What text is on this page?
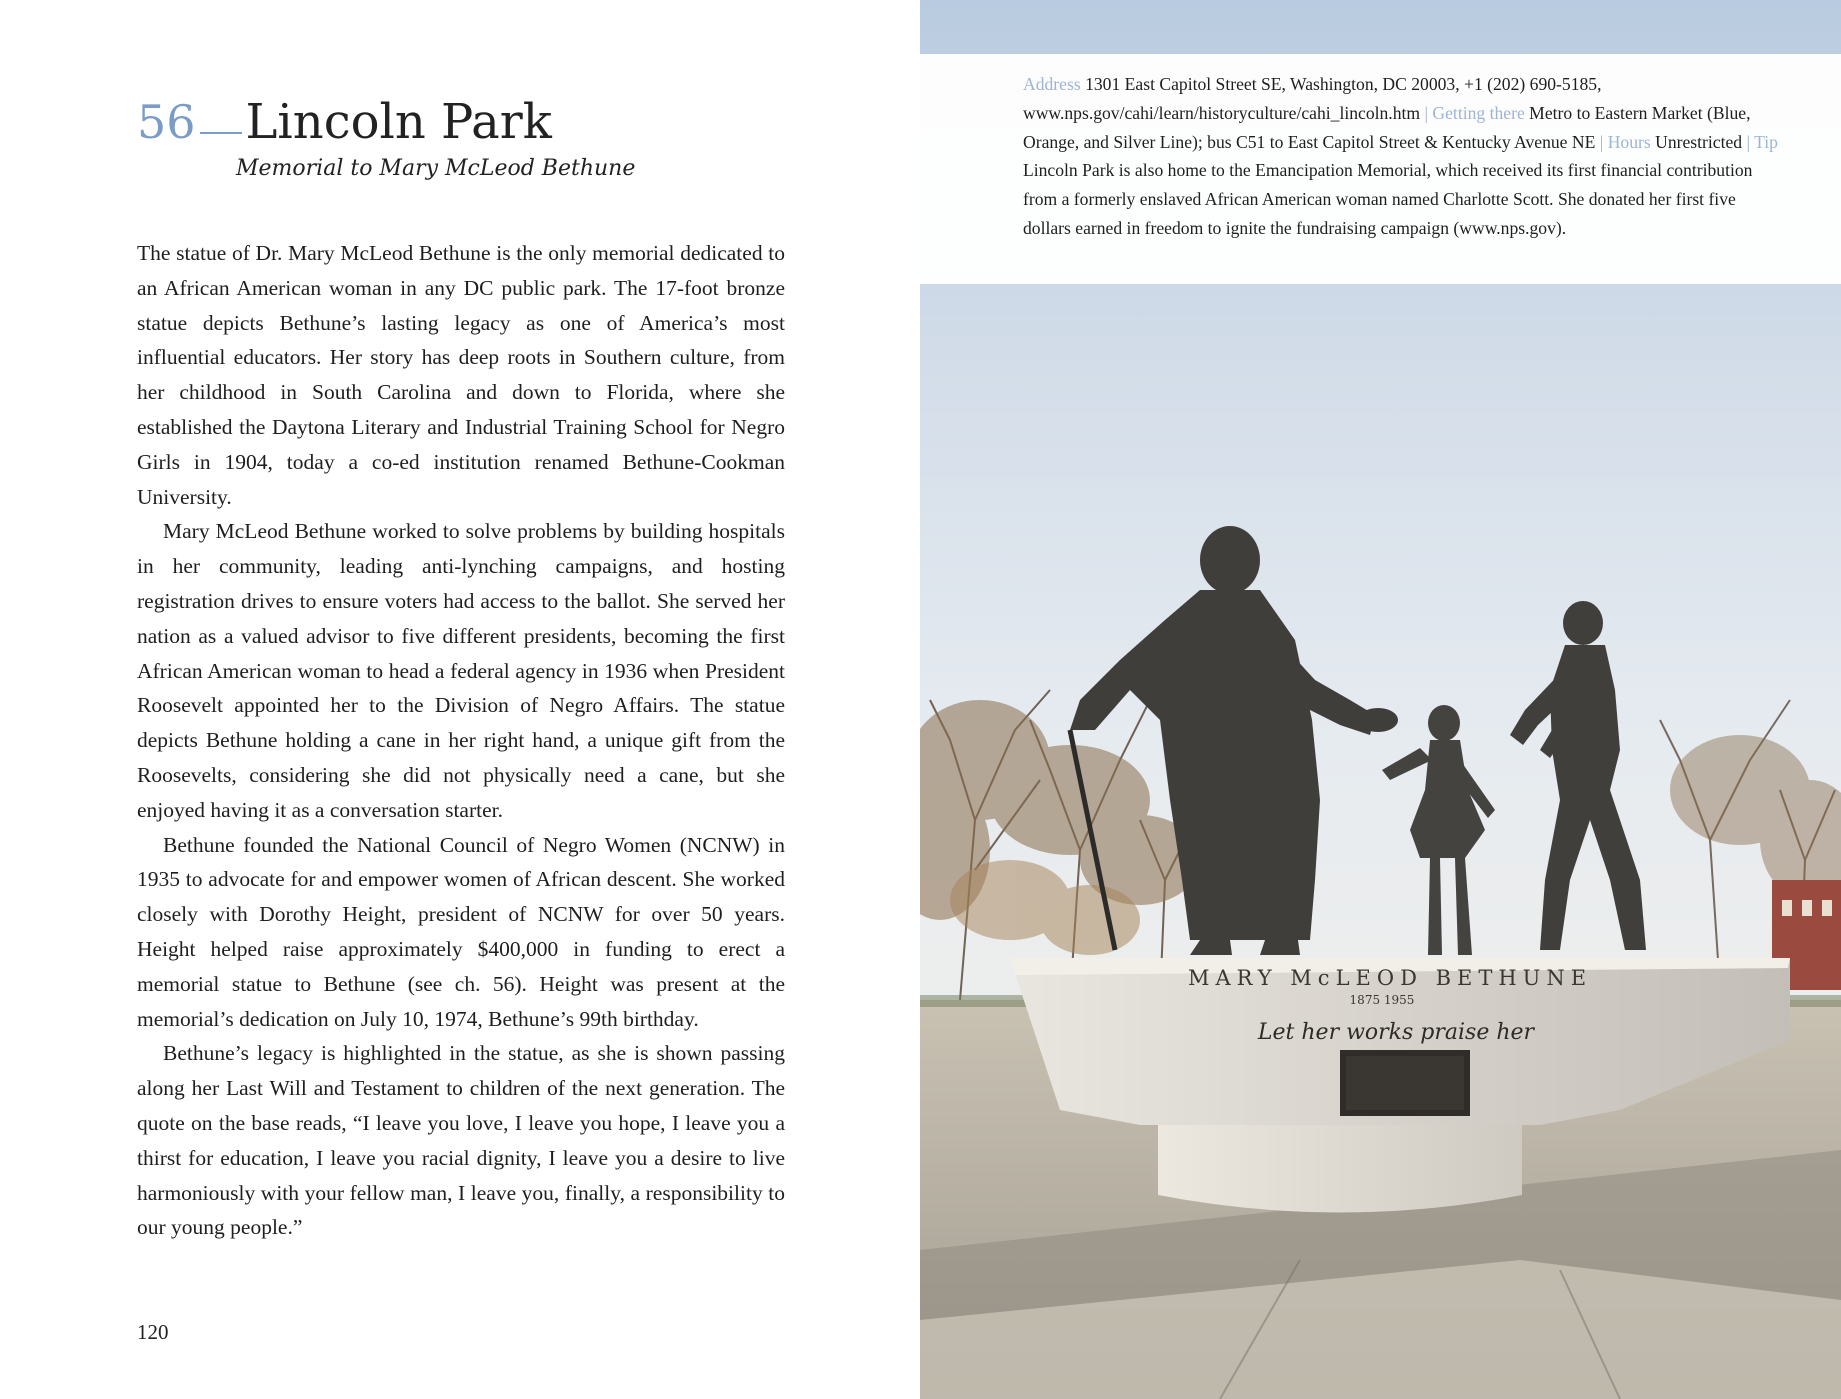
56 Lincoln Park
Memorial to Mary McLeod Bethune

The statue of Dr. Mary McLeod Bethune is the only memorial dedicated to an African American woman in any DC public park. The 17-foot bronze statue depicts Bethune’s lasting legacy as one of America’s most influential educators. Her story has deep roots in Southern culture, from her childhood in South Carolina and down to Florida, where she established the Daytona Literary and Industrial Training School for Negro Girls in 1904, today a co-ed institution renamed Bethune-Cookman University.

Mary McLeod Bethune worked to solve problems by building hospitals in her community, leading anti-lynching campaigns, and hosting registration drives to ensure voters had access to the ballot. She served her nation as a valued advisor to five different presidents, becoming the first African American woman to head a federal agency in 1936 when President Roosevelt appointed her to the Division of Negro Affairs. The statue depicts Bethune holding a cane in her right hand, a unique gift from the Roosevelts, considering she did not physically need a cane, but she enjoyed having it as a conversation starter.

Bethune founded the National Council of Negro Women (NCNW) in 1935 to advocate for and empower women of African descent. She worked closely with Dorothy Height, president of NCNW for over 50 years. Height helped raise approximately $400,000 in funding to erect a memorial statue to Bethune (see ch. 56). Height was present at the memorial’s dedication on July 10, 1974, Bethune’s 99th birthday.

Bethune’s legacy is highlighted in the statue, as she is shown passing along her Last Will and Testament to children of the next generation. The quote on the base reads, “I leave you love, I leave you hope, I leave you a thirst for education, I leave you racial dignity, I leave you a desire to live harmoniously with your fellow man, I leave you, finally, a responsibility to our young people.”

120
MARY McLEOD BETHUNE
1875 1955
Let her works praise her
Address 1301 East Capitol Street SE, Washington, DC 20003, +1 (202) 690-5185, www.nps.gov/cahi/learn/historyculture/cahi_lincoln.htm | Getting there Metro to Eastern Market (Blue, Orange, and Silver Line); bus C51 to East Capitol Street & Kentucky Avenue NE | Hours Unrestricted | Tip Lincoln Park is also home to the Emancipation Memorial, which received its first financial contribution from a formerly enslaved African American woman named Charlotte Scott. She donated her first five dollars earned in freedom to ignite the fundraising campaign (www.nps.gov).
